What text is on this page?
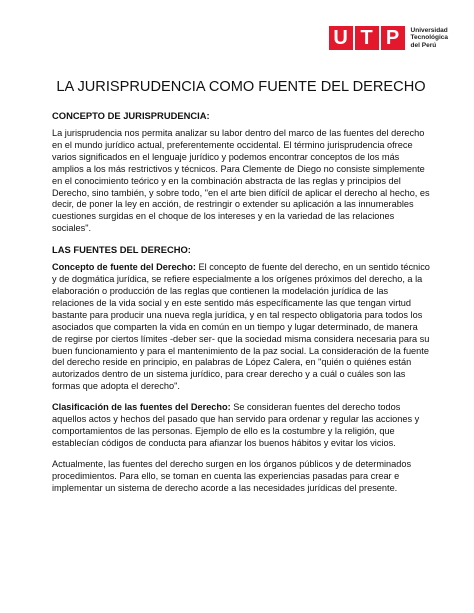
U T P	Universidad
Tecnológica
del Perú
LA JURISPRUDENCIA COMO FUENTE DEL DERECHO
CONCEPTO DE JURISPRUDENCIA:

La jurisprudencia nos permita analizar su labor dentro del marco de las fuentes del derecho en el mundo jurídico actual, preferentemente occidental. El término jurisprudencia ofrece varios significados en el lenguaje jurídico y podemos encontrar conceptos de los más amplios a los más restrictivos y técnicos. Para Clemente de Diego no consiste simplemente en el conocimiento teórico y en la combinación abstracta de las reglas y principios del Derecho, sino también, y sobre todo, "en el arte bien difícil de aplicar el derecho al hecho, es decir, de poner la ley en acción, de restringir o extender su aplicación a las innumerables cuestiones surgidas en el choque de los intereses y en la variedad de las relaciones sociales".

LAS FUENTES DEL DERECHO:

Concepto de fuente del Derecho: El concepto de fuente del derecho, en un sentido técnico y de dogmática jurídica, se refiere especialmente a los orígenes próximos del derecho, a la elaboración o producción de las reglas que contienen la modelación jurídica de las relaciones de la vida social y en este sentido más específicamente las que tengan virtud bastante para producir una nueva regla jurídica, y en tal respecto obligatoria para todos los asociados que comparten la vida en común en un tiempo y lugar determinado, de manera de regirse por ciertos límites -deber ser- que la sociedad misma considera necesaria para su buen funcionamiento y para el mantenimiento de la paz social. La consideración de la fuente del derecho reside en principio, en palabras de López Calera, en "quién o quiénes están autorizados dentro de un sistema jurídico, para crear derecho y a cuál o cuáles son las formas que adopta el derecho".

Clasificación de las fuentes del Derecho: Se consideran fuentes del derecho todos aquellos actos y hechos del pasado que han servido para ordenar y regular las acciones y comportamientos de las personas. Ejemplo de ello es la costumbre y la religión, que establecían códigos de conducta para afianzar los buenos hábitos y evitar los vicios.

Actualmente, las fuentes del derecho surgen en los órganos públicos y de determinados procedimientos. Para ello, se toman en cuenta las experiencias pasadas para crear e implementar un sistema de derecho acorde a las necesidades jurídicas del presente.
